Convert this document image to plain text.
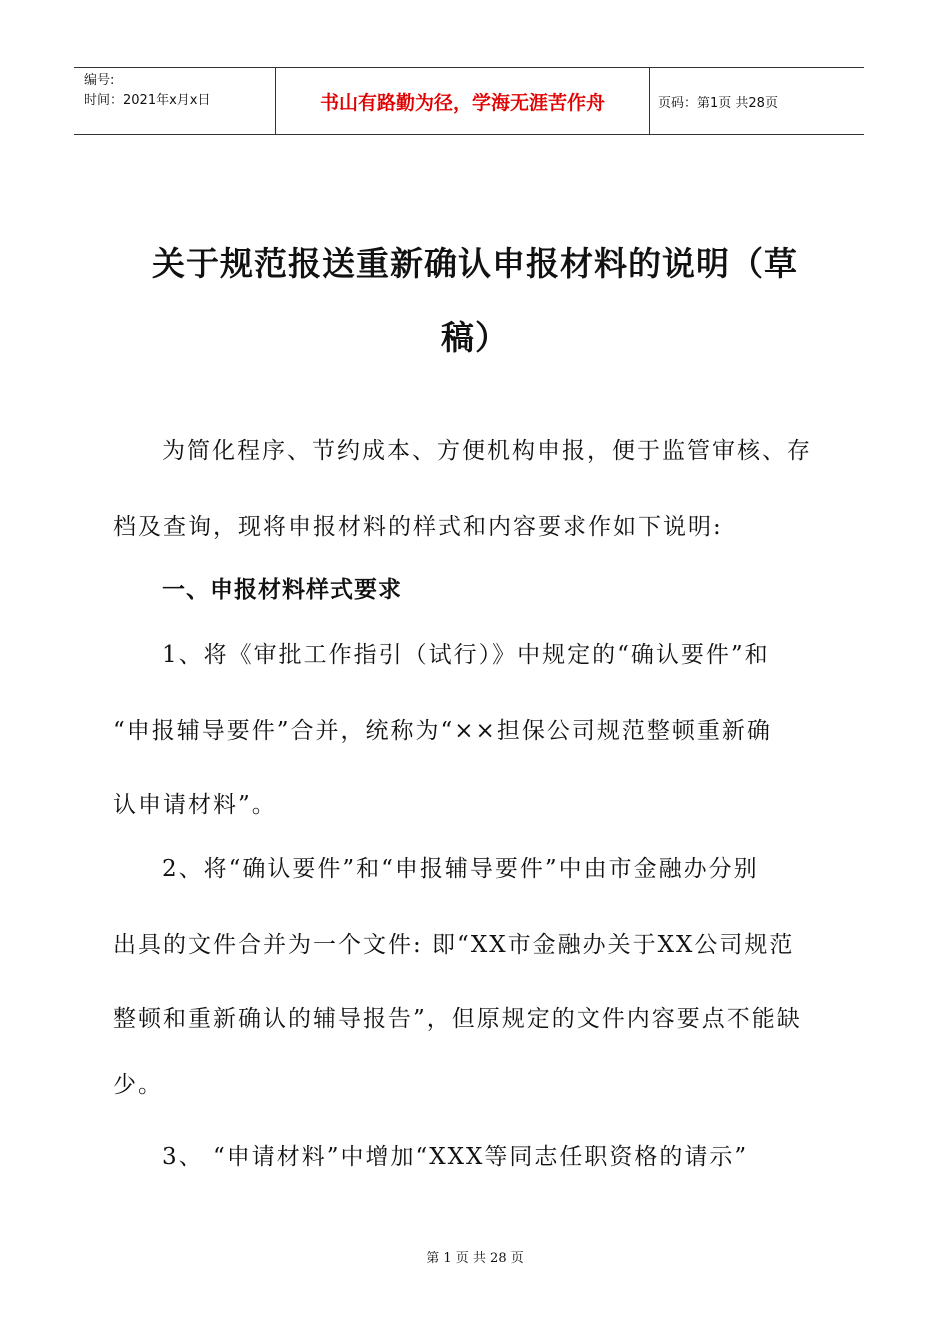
编号:
时间：2021年x月x日	书山有路勤为径，学海无涯苦作舟	页码：第1页 共28页
关于规范报送重新确认申报材料的说明（草
稿）
为简化程序、节约成本、方便机构申报，便于监管审核、存
档及查询，现将申报材料的样式和内容要求作如下说明:
一、申报材料样式要求
1、将《审批工作指引（试行）》中规定的“确认要件”和
“申报辅导要件”合并，统称为“××担保公司规范整顿重新确
认申请材料”。
2、将“确认要件”和“申报辅导要件”中由市金融办分别
出具的文件合并为一个文件: 即“XX市金融办关于XX公司规范
整顿和重新确认的辅导报告”，但原规定的文件内容要点不能缺
少。
3、 “申请材料”中增加“XXX等同志任职资格的请示”
第 1 页 共 28 页
